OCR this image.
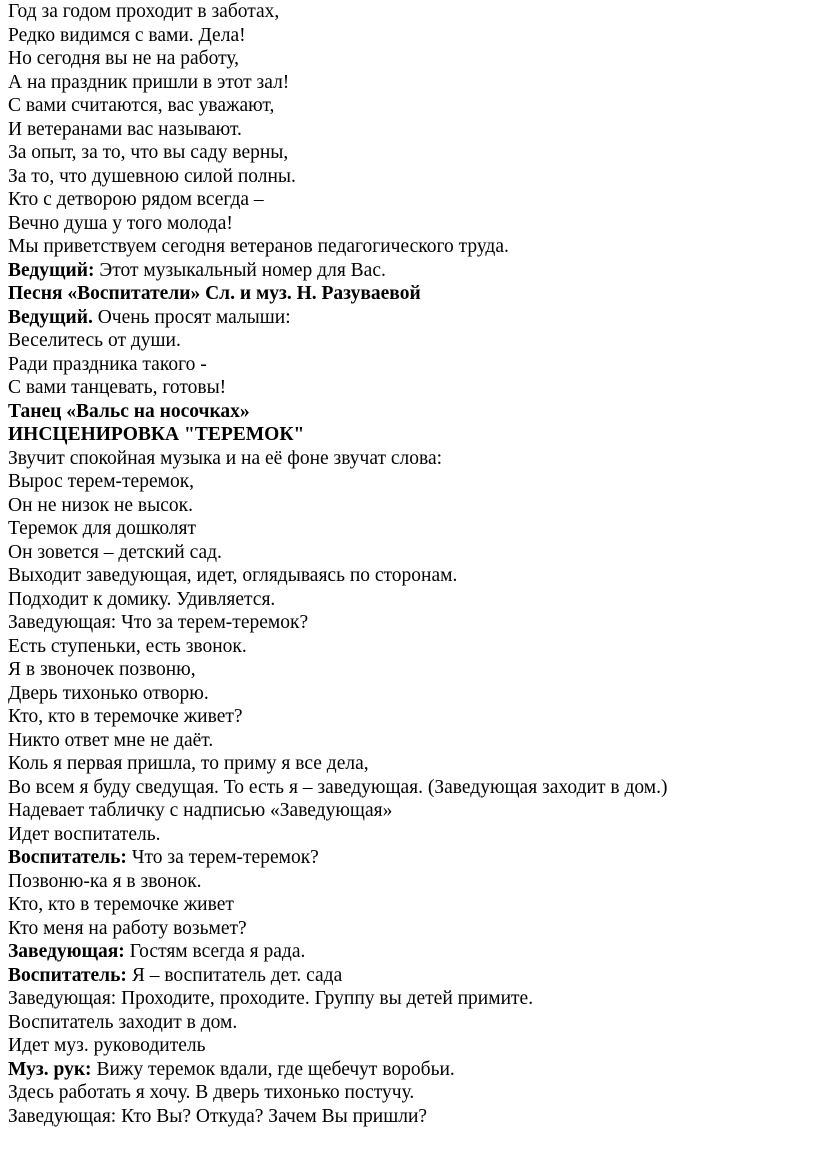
Год за годом проходит в заботах,
Редко видимся с вами. Дела!
Но сегодня вы не на работу,
А на праздник пришли в этот зал!
С вами считаются, вас уважают,
И ветеранами вас называют.
За опыт, за то, что вы саду верны,
За то, что душевною силой полны.
Кто с детворою рядом всегда –
Вечно душа у того молода!
Мы приветствуем сегодня ветеранов педагогического труда.
Ведущий: Этот музыкальный номер для Вас.
Песня «Воспитатели» Сл. и муз. Н. Разуваевой
Ведущий. Очень просят малыши:
Веселитесь от души.
Ради праздника такого -
С вами танцевать, готовы!
Танец «Вальс на носочках»
ИНСЦЕНИРОВКА "ТЕРЕМОК"
Звучит спокойная музыка и на её фоне звучат слова:
Вырос терем-теремок,
Он не низок не высок.
Теремок для дошколят
Он зовется – детский сад.
Выходит заведующая, идет, оглядываясь по сторонам.
Подходит к домику. Удивляется.
Заведующая: Что за терем-теремок?
Есть ступеньки, есть звонок.
Я в звоночек позвоню,
Дверь тихонько отворю.
Кто, кто в теремочке живет?
Никто ответ мне не даёт.
Коль я первая пришла, то приму я все дела,
Во всем я буду сведущая. То есть я – заведующая. (Заведующая заходит в дом.)
Надевает табличку с надписью «Заведующая»
Идет воспитатель.
Воспитатель: Что за терем-теремок?
Позвоню-ка я в звонок.
Кто, кто в теремочке живет
Кто меня на работу возьмет?
Заведующая: Гостям всегда я рада.
Воспитатель: Я – воспитатель дет. сада
Заведующая: Проходите, проходите. Группу вы детей примите.
Воспитатель заходит в дом.
Идет муз. руководитель
Муз. рук: Вижу теремок вдали, где щебечут воробьи.
Здесь работать я хочу. В дверь тихонько постучу.
Заведующая: Кто Вы? Откуда? Зачем Вы пришли?
